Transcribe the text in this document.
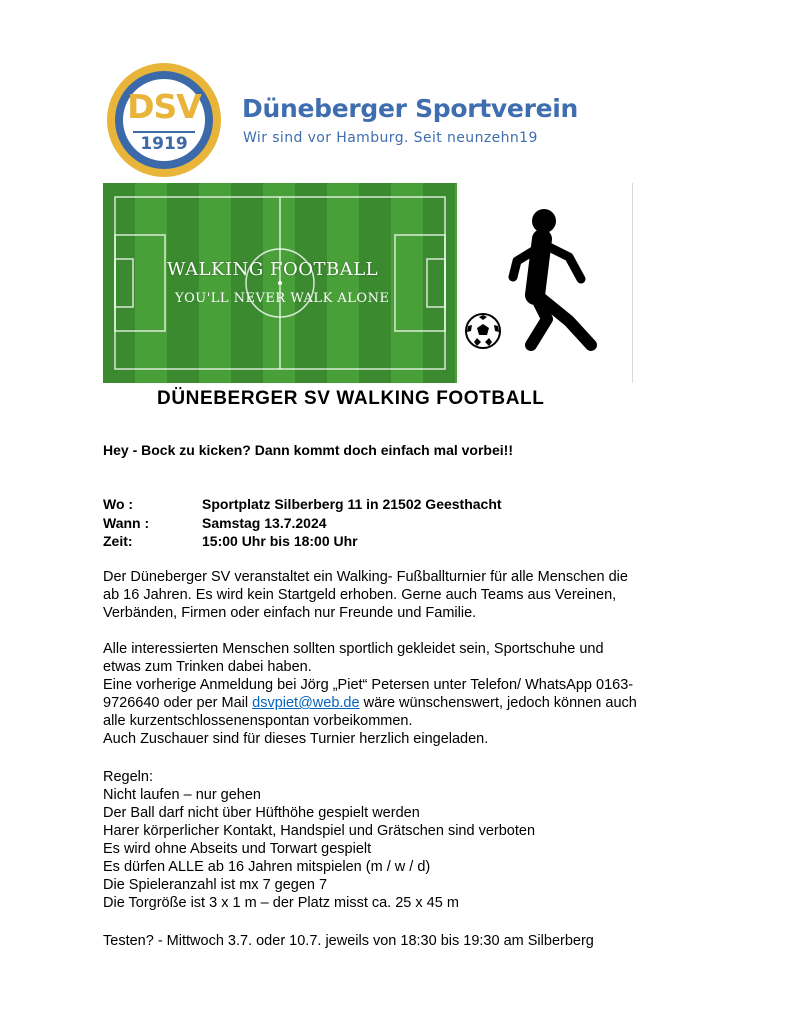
DSV
1919
Düneberger Sportverein
Wir sind vor Hamburg. Seit neunzehn19
WALKING FOOTBALL
YOU'LL NEVER WALK ALONE
DÜNEBERGER SV WALKING FOOTBALL
Hey - Bock zu kicken? Dann kommt doch einfach mal vorbei!!
Wo :	Sportplatz Silberberg 11 in 21502 Geesthacht
Wann :	Samstag 13.7.2024
Zeit:	15:00 Uhr bis 18:00 Uhr

Der Düneberger SV veranstaltet ein Walking- Fußballturnier für alle Menschen die

ab 16 Jahren. Es wird kein Startgeld erhoben. Gerne auch Teams aus Vereinen,

Verbänden, Firmen oder einfach nur Freunde und Familie.

Alle interessierten Menschen sollten sportlich gekleidet sein, Sportschuhe und

etwas zum Trinken dabei haben.

Eine vorherige Anmeldung bei Jörg „Piet“ Petersen unter Telefon/ WhatsApp 0163-

9726640 oder per Mail dsvpiet@web.de wäre wünschenswert, jedoch können auch

alle kurzentschlossenenspontan vorbeikommen.

Auch Zuschauer sind für dieses Turnier herzlich eingeladen.

Regeln:

Nicht laufen – nur gehen

Der Ball darf nicht über Hüfthöhe gespielt werden

Harer körperlicher Kontakt, Handspiel und Grätschen sind verboten

Es wird ohne Abseits und Torwart gespielt

Es dürfen ALLE ab 16 Jahren mitspielen (m / w / d)

Die Spieleranzahl ist mx 7 gegen 7

Die Torgröße ist 3 x 1 m – der Platz misst ca. 25 x 45 m

Testen? - Mittwoch 3.7. oder 10.7. jeweils von 18:30 bis 19:30 am Silberberg
